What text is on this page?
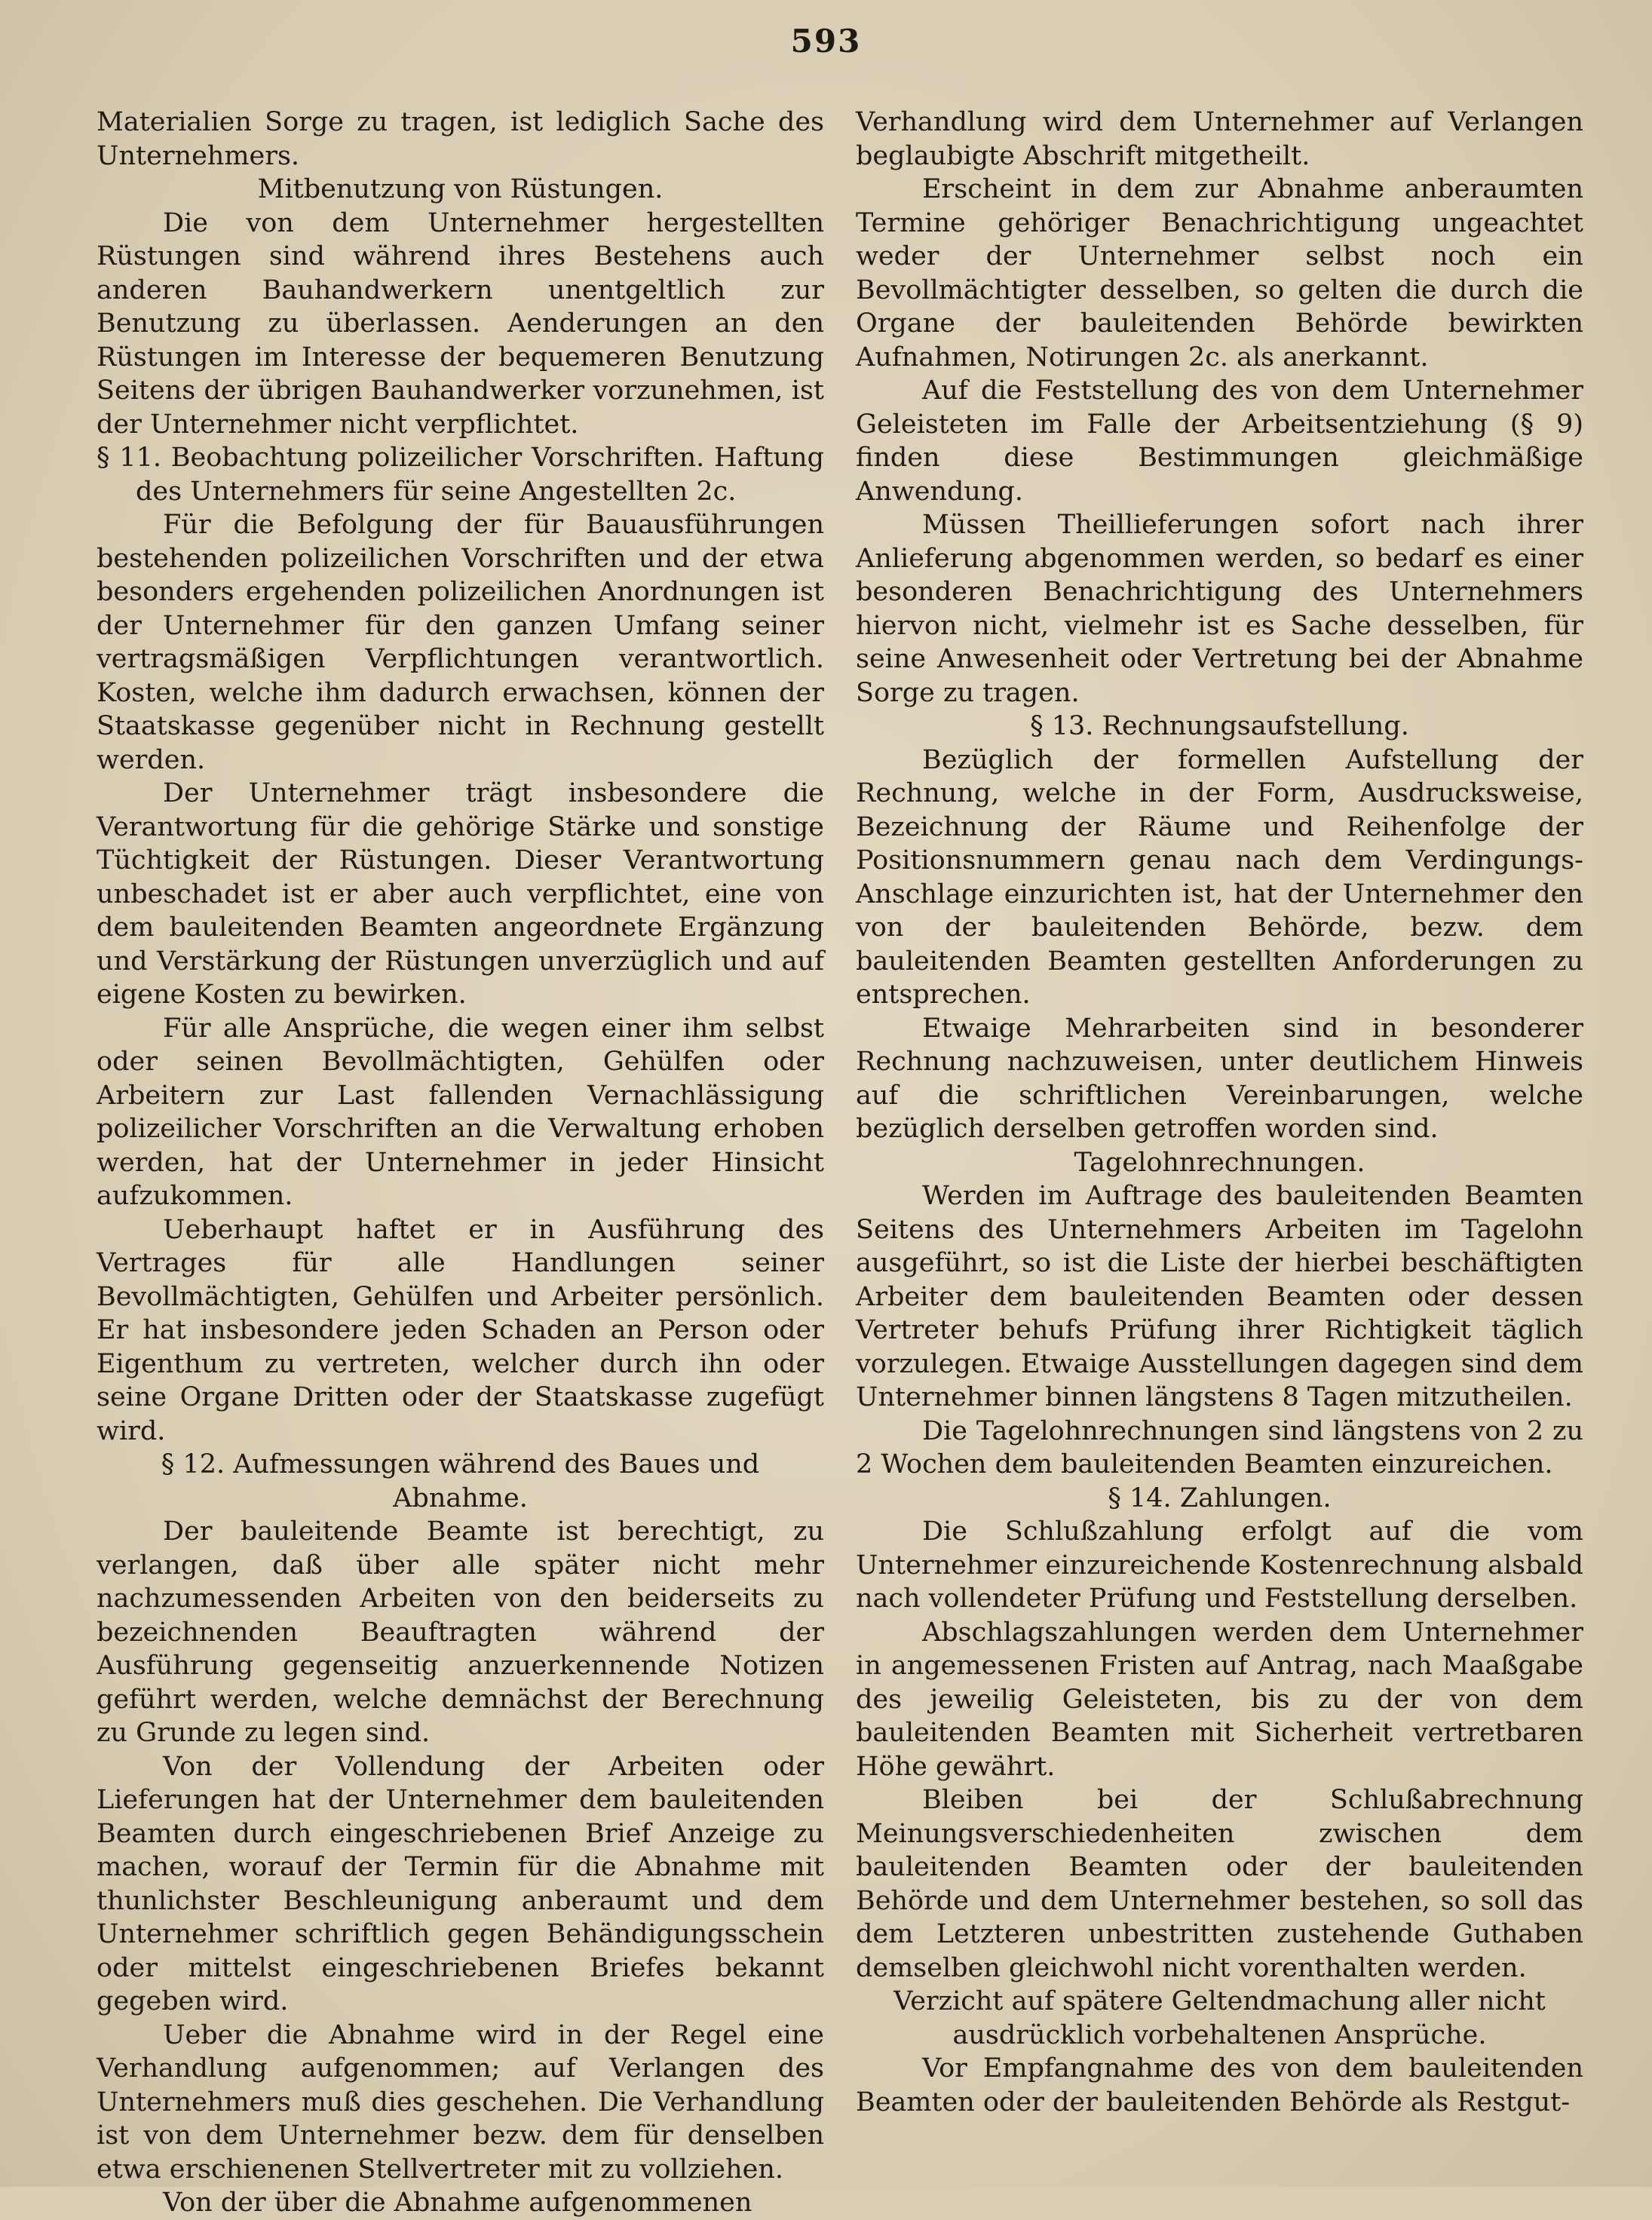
593

Materialien Sorge zu tragen, ist lediglich Sache des Unternehmers.

Mitbenutzung von Rüstungen.

Die von dem Unternehmer hergestellten Rüstungen sind während ihres Bestehens auch anderen Bauhandwerkern unentgeltlich zur Benutzung zu überlassen. Aenderungen an den Rüstungen im Interesse der bequemeren Benutzung Seitens der übrigen Bauhandwerker vorzunehmen, ist der Unternehmer nicht verpflichtet.

§ 11. Beobachtung polizeilicher Vorschriften. Haftung des Unternehmers für seine Angestellten 2c.

Für die Befolgung der für Bauausführungen bestehenden polizeilichen Vorschriften und der etwa besonders ergehenden polizeilichen Anordnungen ist der Unternehmer für den ganzen Umfang seiner vertragsmäßigen Verpflichtungen verantwortlich. Kosten, welche ihm dadurch erwachsen, können der Staatskasse gegenüber nicht in Rechnung gestellt werden.

Der Unternehmer trägt insbesondere die Verantwortung für die gehörige Stärke und sonstige Tüchtigkeit der Rüstungen. Dieser Verantwortung unbeschadet ist er aber auch verpflichtet, eine von dem bauleitenden Beamten angeordnete Ergänzung und Verstärkung der Rüstungen unverzüglich und auf eigene Kosten zu bewirken.

Für alle Ansprüche, die wegen einer ihm selbst oder seinen Bevollmächtigten, Gehülfen oder Arbeitern zur Last fallenden Vernachlässigung polizeilicher Vorschriften an die Verwaltung erhoben werden, hat der Unternehmer in jeder Hinsicht aufzukommen.

Ueberhaupt haftet er in Ausführung des Vertrages für alle Handlungen seiner Bevollmächtigten, Gehülfen und Arbeiter persönlich. Er hat insbesondere jeden Schaden an Person oder Eigenthum zu vertreten, welcher durch ihn oder seine Organe Dritten oder der Staatskasse zugefügt wird.

§ 12. Aufmessungen während des Baues und Abnahme.

Der bauleitende Beamte ist berechtigt, zu verlangen, daß über alle später nicht mehr nachzumessenden Arbeiten von den beiderseits zu bezeichnenden Beauftragten während der Ausführung gegenseitig anzuerkennende Notizen geführt werden, welche demnächst der Berechnung zu Grunde zu legen sind.

Von der Vollendung der Arbeiten oder Lieferungen hat der Unternehmer dem bauleitenden Beamten durch eingeschriebenen Brief Anzeige zu machen, worauf der Termin für die Abnahme mit thunlichster Beschleunigung anberaumt und dem Unternehmer schriftlich gegen Behändigungsschein oder mittelst eingeschriebenen Briefes bekannt gegeben wird.

Ueber die Abnahme wird in der Regel eine Verhandlung aufgenommen; auf Verlangen des Unternehmers muß dies geschehen. Die Verhandlung ist von dem Unternehmer bezw. dem für denselben etwa erschienenen Stellvertreter mit zu vollziehen.

Von der über die Abnahme aufgenommenen

Verhandlung wird dem Unternehmer auf Verlangen beglaubigte Abschrift mitgetheilt.

Erscheint in dem zur Abnahme anberaumten Termine gehöriger Benachrichtigung ungeachtet weder der Unternehmer selbst noch ein Bevollmächtigter desselben, so gelten die durch die Organe der bauleitenden Behörde bewirkten Aufnahmen, Notirungen 2c. als anerkannt.

Auf die Feststellung des von dem Unternehmer Geleisteten im Falle der Arbeitsentziehung (§ 9) finden diese Bestimmungen gleichmäßige Anwendung.

Müssen Theillieferungen sofort nach ihrer Anlieferung abgenommen werden, so bedarf es einer besonderen Benachrichtigung des Unternehmers hiervon nicht, vielmehr ist es Sache desselben, für seine Anwesenheit oder Vertretung bei der Abnahme Sorge zu tragen.

§ 13. Rechnungsaufstellung.

Bezüglich der formellen Aufstellung der Rechnung, welche in der Form, Ausdrucksweise, Bezeichnung der Räume und Reihenfolge der Positionsnummern genau nach dem Verdingungs-Anschlage einzurichten ist, hat der Unternehmer den von der bauleitenden Behörde, bezw. dem bauleitenden Beamten gestellten Anforderungen zu entsprechen.

Etwaige Mehrarbeiten sind in besonderer Rechnung nachzuweisen, unter deutlichem Hinweis auf die schriftlichen Vereinbarungen, welche bezüglich derselben getroffen worden sind.

Tagelohnrechnungen.

Werden im Auftrage des bauleitenden Beamten Seitens des Unternehmers Arbeiten im Tagelohn ausgeführt, so ist die Liste der hierbei beschäftigten Arbeiter dem bauleitenden Beamten oder dessen Vertreter behufs Prüfung ihrer Richtigkeit täglich vorzulegen. Etwaige Ausstellungen dagegen sind dem Unternehmer binnen längstens 8 Tagen mitzutheilen.

Die Tagelohnrechnungen sind längstens von 2 zu 2 Wochen dem bauleitenden Beamten einzureichen.

§ 14. Zahlungen.

Die Schlußzahlung erfolgt auf die vom Unternehmer einzureichende Kostenrechnung alsbald nach vollendeter Prüfung und Feststellung derselben.

Abschlagszahlungen werden dem Unternehmer in angemessenen Fristen auf Antrag, nach Maaßgabe des jeweilig Geleisteten, bis zu der von dem bauleitenden Beamten mit Sicherheit vertretbaren Höhe gewährt.

Bleiben bei der Schlußabrechnung Meinungsverschiedenheiten zwischen dem bauleitenden Beamten oder der bauleitenden Behörde und dem Unternehmer bestehen, so soll das dem Letzteren unbestritten zustehende Guthaben demselben gleichwohl nicht vorenthalten werden.

Verzicht auf spätere Geltendmachung aller nicht ausdrücklich vorbehaltenen Ansprüche.

Vor Empfangnahme des von dem bauleitenden Beamten oder der bauleitenden Behörde als Restgut-
